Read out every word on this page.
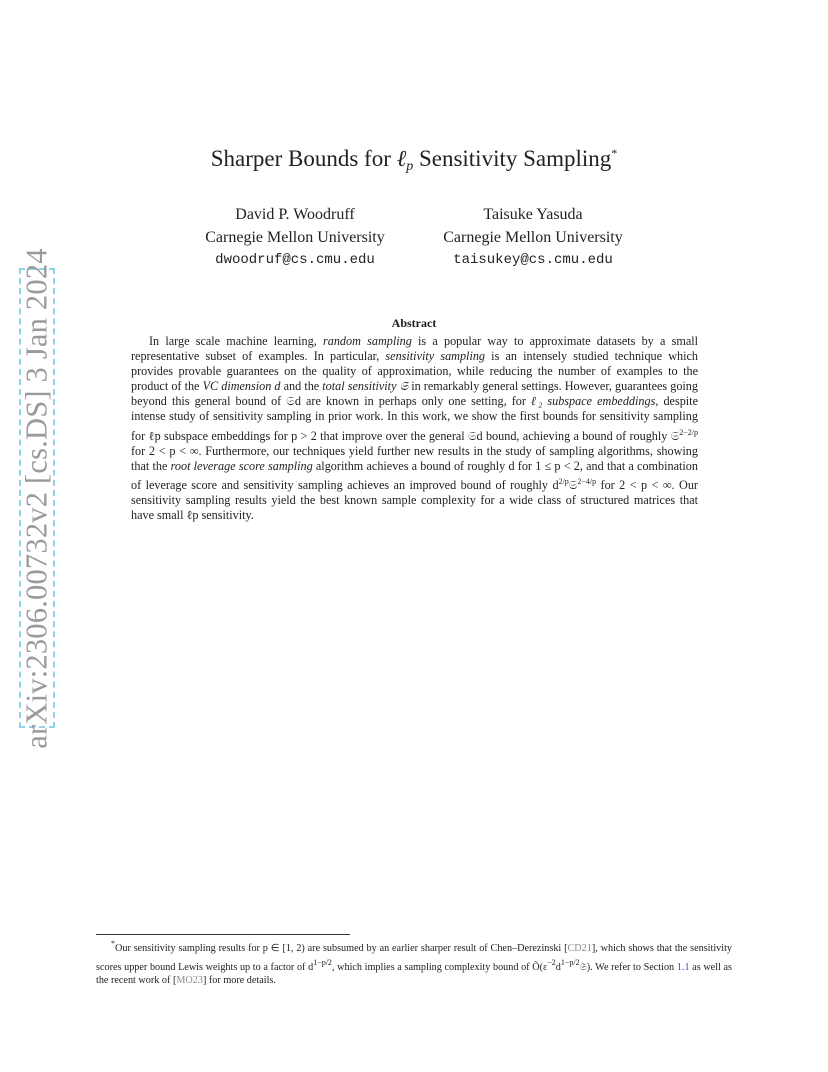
arXiv:2306.00732v2 [cs.DS] 3 Jan 2024
Sharper Bounds for ℓ$_p$ Sensitivity Sampling*
David P. Woodruff
Carnegie Mellon University
dwoodruf@cs.cmu.edu
Taisuke Yasuda
Carnegie Mellon University
taisukey@cs.cmu.edu
Abstract

In large scale machine learning, random sampling is a popular way to approximate datasets by a small representative subset of examples. In particular, sensitivity sampling is an intensely studied technique which provides provable guarantees on the quality of approximation, while reducing the number of examples to the product of the VC dimension d and the total sensitivity 𝔖 in remarkably general settings. However, guarantees going beyond this general bound of 𝔖d are known in perhaps only one setting, for ℓ₂ subspace embeddings, despite intense study of sensitivity sampling in prior work. In this work, we show the first bounds for sensitivity sampling for ℓp subspace embeddings for p > 2 that improve over the general 𝔖d bound, achieving a bound of roughly 𝔖$^{2-2/p}$ for 2 < p < ∞. Furthermore, our techniques yield further new results in the study of sampling algorithms, showing that the root leverage score sampling algorithm achieves a bound of roughly d for 1 ≤ p < 2, and that a combination of leverage score and sensitivity sampling achieves an improved bound of roughly $d^{2/p}𝔖^{2-4/p}$ for 2 < p < ∞. Our sensitivity sampling results yield the best known sample complexity for a wide class of structured matrices that have small ℓp sensitivity.

*Our sensitivity sampling results for p ∈ [1, 2) are subsumed by an earlier sharper result of Chen–Derezinski [CD21], which shows that the sensitivity scores upper bound Lewis weights up to a factor of $d^{1-p/2}$, which implies a sampling complexity bound of $Õ(\varepsilon^{-2}d^{1-p/2}𝔖)$. We refer to Section 1.1 as well as the recent work of [MO23] for more details.
